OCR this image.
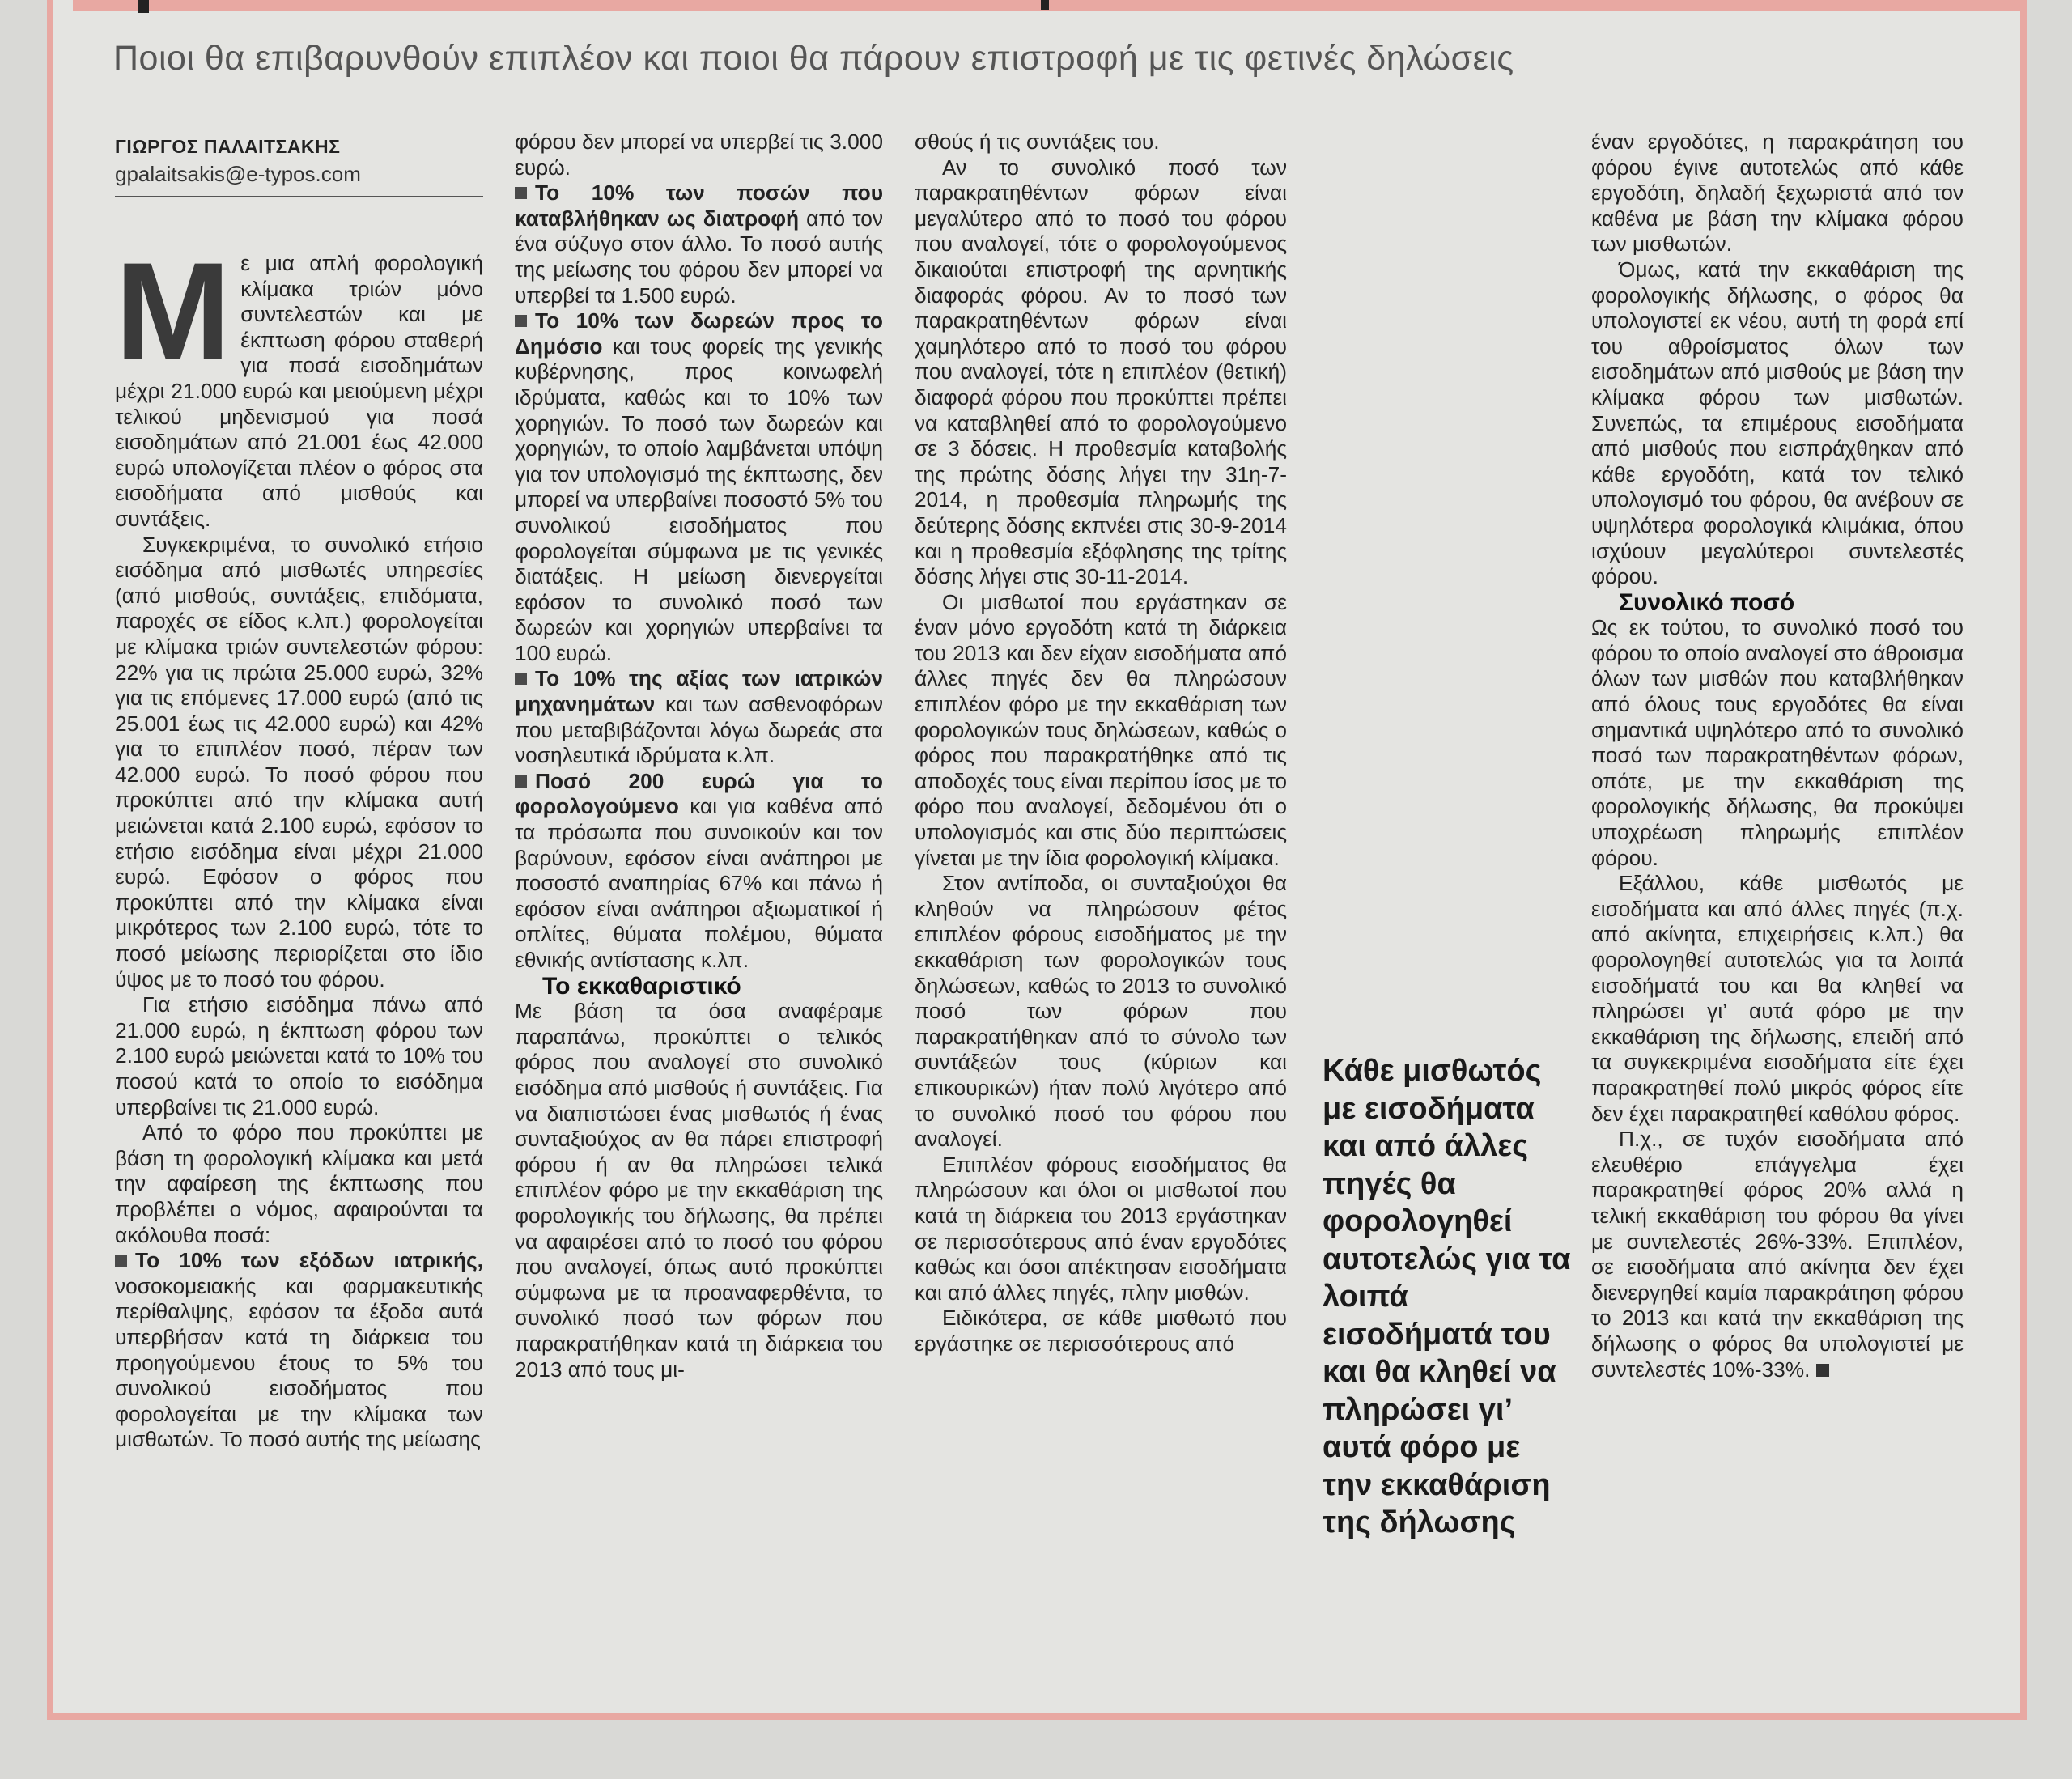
Ποιοι θα επιβαρυνθούν επιπλέον και ποιοι θα πάρουν επιστροφή με τις φετινές δηλώσεις
ΓΙΩΡΓΟΣ ΠΑΛΑΙΤΣΑΚΗΣ
gpalaitsakis@e-typos.com

Με μια απλή φορολογική κλίμακα τριών μόνο συντελεστών και με έκπτωση φόρου σταθερή για ποσά εισοδημάτων μέχρι 21.000 ευρώ και μειούμενη μέχρι τελικού μηδενισμού για ποσά εισοδημάτων από 21.001 έως 42.000 ευρώ υπολογίζεται πλέον ο φόρος στα εισοδήματα από μισθούς και συντάξεις.

Συγκεκριμένα, το συνολικό ετήσιο εισόδημα από μισθωτές υπηρεσίες (από μισθούς, συντάξεις, επιδόματα, παροχές σε είδος κ.λπ.) φορολογείται με κλίμακα τριών συντελεστών φόρου: 22% για τις πρώτα 25.000 ευρώ, 32% για τις επόμενες 17.000 ευρώ (από τις 25.001 έως τις 42.000 ευρώ) και 42% για το επιπλέον ποσό, πέραν των 42.000 ευρώ. Το ποσό φόρου που προκύπτει από την κλίμακα αυτή μειώνεται κατά 2.100 ευρώ, εφόσον το ετήσιο εισόδημα είναι μέχρι 21.000 ευρώ. Εφόσον ο φόρος που προκύπτει από την κλίμακα είναι μικρότερος των 2.100 ευρώ, τότε το ποσό μείωσης περιορίζεται στο ίδιο ύψος με το ποσό του φόρου.

Για ετήσιο εισόδημα πάνω από 21.000 ευρώ, η έκπτωση φόρου των 2.100 ευρώ μειώνεται κατά το 10% του ποσού κατά το οποίο το εισόδημα υπερβαίνει τις 21.000 ευρώ.

Από το φόρο που προκύπτει με βάση τη φορολογική κλίμακα και μετά την αφαίρεση της έκπτωσης που προβλέπει ο νόμος, αφαιρούνται τα ακόλουθα ποσά:

Το 10% των εξόδων ιατρικής, νοσοκομειακής και φαρμακευτικής περίθαλψης, εφόσον τα έξοδα αυτά υπερβήσαν κατά τη διάρκεια του προηγούμενου έτους το 5% του συνολικού εισοδήματος που φορολογείται με την κλίμακα των μισθωτών. Το ποσό αυτής της μείωσης

φόρου δεν μπορεί να υπερβεί τις 3.000 ευρώ.

Το 10% των ποσών που καταβλήθηκαν ως διατροφή από τον ένα σύζυγο στον άλλο. Το ποσό αυτής της μείωσης του φόρου δεν μπορεί να υπερβεί τα 1.500 ευρώ.

Το 10% των δωρεών προς το Δημόσιο και τους φορείς της γενικής κυβέρνησης, προς κοινωφελή ιδρύματα, καθώς και το 10% των χορηγιών. Το ποσό των δωρεών και χορηγιών, το οποίο λαμβάνεται υπόψη για τον υπολογισμό της έκπτωσης, δεν μπορεί να υπερβαίνει ποσοστό 5% του συνολικού εισοδήματος που φορολογείται σύμφωνα με τις γενικές διατάξεις. Η μείωση διενεργείται εφόσον το συνολικό ποσό των δωρεών και χορηγιών υπερβαίνει τα 100 ευρώ.

Το 10% της αξίας των ιατρικών μηχανημάτων και των ασθενοφόρων που μεταβιβάζονται λόγω δωρεάς στα νοσηλευτικά ιδρύματα κ.λπ.

Ποσό 200 ευρώ για το φορολογούμενο και για καθένα από τα πρόσωπα που συνοικούν και τον βαρύνουν, εφόσον είναι ανάπηροι με ποσοστό αναπηρίας 67% και πάνω ή εφόσον είναι ανάπηροι αξιωματικοί ή οπλίτες, θύματα πολέμου, θύματα εθνικής αντίστασης κ.λπ.

Το εκκαθαριστικό

Με βάση τα όσα αναφέραμε παραπάνω, προκύπτει ο τελικός φόρος που αναλογεί στο συνολικό εισόδημα από μισθούς ή συντάξεις. Για να διαπιστώσει ένας μισθωτός ή ένας συνταξιούχος αν θα πάρει επιστροφή φόρου ή αν θα πληρώσει τελικά επιπλέον φόρο με την εκκαθάριση της φορολογικής του δήλωσης, θα πρέπει να αφαιρέσει από το ποσό του φόρου που αναλογεί, όπως αυτό προκύπτει σύμφωνα με τα προαναφερθέντα, το συνολικό ποσό των φόρων που παρακρατήθηκαν κατά τη διάρκεια του 2013 από τους μι-

σθούς ή τις συντάξεις του.

Αν το συνολικό ποσό των παρακρατηθέντων φόρων είναι μεγαλύτερο από το ποσό του φόρου που αναλογεί, τότε ο φορολογούμενος δικαιούται επιστροφή της αρνητικής διαφοράς φόρου. Αν το ποσό των παρακρατηθέντων φόρων είναι χαμηλότερο από το ποσό του φόρου που αναλογεί, τότε η επιπλέον (θετική) διαφορά φόρου που προκύπτει πρέπει να καταβληθεί από το φορολογούμενο σε 3 δόσεις. Η προθεσμία καταβολής της πρώτης δόσης λήγει την 31η-7-2014, η προθεσμία πληρωμής της δεύτερης δόσης εκπνέει στις 30-9-2014 και η προθεσμία εξόφλησης της τρίτης δόσης λήγει στις 30-11-2014.

Οι μισθωτοί που εργάστηκαν σε έναν μόνο εργοδότη κατά τη διάρκεια του 2013 και δεν είχαν εισοδήματα από άλλες πηγές δεν θα πληρώσουν επιπλέον φόρο με την εκκαθάριση των φορολογικών τους δηλώσεων, καθώς ο φόρος που παρακρατήθηκε από τις αποδοχές τους είναι περίπου ίσος με το φόρο που αναλογεί, δεδομένου ότι ο υπολογισμός και στις δύο περιπτώσεις γίνεται με την ίδια φορολογική κλίμακα.

Στον αντίποδα, οι συνταξιούχοι θα κληθούν να πληρώσουν φέτος επιπλέον φόρους εισοδήματος με την εκκαθάριση των φορολογικών τους δηλώσεων, καθώς το 2013 το συνολικό ποσό των φόρων που παρακρατήθηκαν από το σύνολο των συντάξεών τους (κύριων και επικουρικών) ήταν πολύ λιγότερο από το συνολικό ποσό του φόρου που αναλογεί.

Επιπλέον φόρους εισοδήματος θα πληρώσουν και όλοι οι μισθωτοί που κατά τη διάρκεια του 2013 εργάστηκαν σε περισσότερους από έναν εργοδότες καθώς και όσοι απέκτησαν εισοδήματα και από άλλες πηγές, πλην μισθών.

Ειδικότερα, σε κάθε μισθωτό που εργάστηκε σε περισσότερους από

Κάθε μισθωτός με εισοδήματα και από άλλες πηγές θα φορολογηθεί αυτοτελώς για τα λοιπά εισοδήματά του και θα κληθεί να πληρώσει γι’ αυτά φόρο με την εκκαθάριση της δήλωσης

έναν εργοδότες, η παρακράτηση του φόρου έγινε αυτοτελώς από κάθε εργοδότη, δηλαδή ξεχωριστά από τον καθένα με βάση την κλίμακα φόρου των μισθωτών.

Όμως, κατά την εκκαθάριση της φορολογικής δήλωσης, ο φόρος θα υπολογιστεί εκ νέου, αυτή τη φορά επί του αθροίσματος όλων των εισοδημάτων από μισθούς με βάση την κλίμακα φόρου των μισθωτών. Συνεπώς, τα επιμέρους εισοδήματα από μισθούς που εισπράχθηκαν από κάθε εργοδότη, κατά τον τελικό υπολογισμό του φόρου, θα ανέβουν σε υψηλότερα φορολογικά κλιμάκια, όπου ισχύουν μεγαλύτεροι συντελεστές φόρου.

Συνολικό ποσό

Ως εκ τούτου, το συνολικό ποσό του φόρου το οποίο αναλογεί στο άθροισμα όλων των μισθών που καταβλήθηκαν από όλους τους εργοδότες θα είναι σημαντικά υψηλότερο από το συνολικό ποσό των παρακρατηθέντων φόρων, οπότε, με την εκκαθάριση της φορολογικής δήλωσης, θα προκύψει υποχρέωση πληρωμής επιπλέον φόρου.

Εξάλλου, κάθε μισθωτός με εισοδήματα και από άλλες πηγές (π.χ. από ακίνητα, επιχειρήσεις κ.λπ.) θα φορολογηθεί αυτοτελώς για τα λοιπά εισοδήματά του και θα κληθεί να πληρώσει γι’ αυτά φόρο με την εκκαθάριση της δήλωσης, επειδή από τα συγκεκριμένα εισοδήματα είτε έχει παρακρατηθεί πολύ μικρός φόρος είτε δεν έχει παρακρατηθεί καθόλου φόρος.

Π.χ., σε τυχόν εισοδήματα από ελευθέριο επάγγελμα έχει παρακρατηθεί φόρος 20% αλλά η τελική εκκαθάριση του φόρου θα γίνει με συντελεστές 26%-33%. Επιπλέον, σε εισοδήματα από ακίνητα δεν έχει διενεργηθεί καμία παρακράτηση φόρου το 2013 και κατά την εκκαθάριση της δήλωσης ο φόρος θα υπολογιστεί με συντελεστές 10%-33%.
